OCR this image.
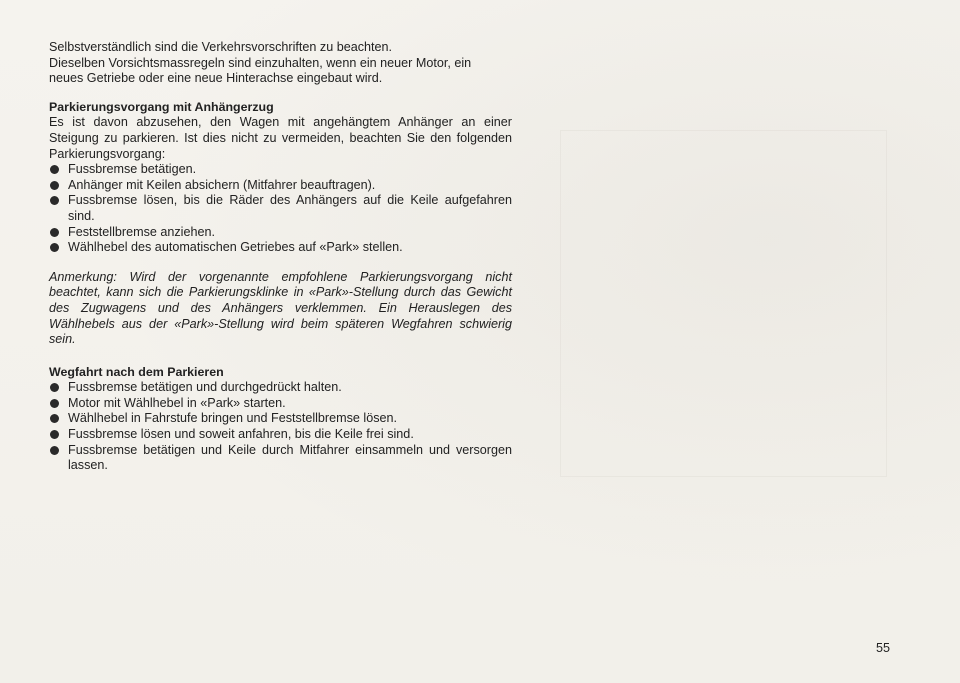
Selbstverständlich sind die Verkehrsvorschriften zu beachten.

Dieselben Vorsichtsmassregeln sind einzuhalten, wenn ein neuer Motor, ein

neues Getriebe oder eine neue Hinterachse eingebaut wird.

Parkierungsvorgang mit Anhängerzug

Es ist davon abzusehen, den Wagen mit angehängtem Anhänger an einer Steigung zu parkieren. Ist dies nicht zu vermeiden, beachten Sie den folgenden Parkierungsvorgang:

Fussbremse betätigen.
Anhänger mit Keilen absichern (Mitfahrer beauftragen).
Fussbremse lösen, bis die Räder des Anhängers auf die Keile aufgefahren sind.
Feststellbremse anziehen.
Wählhebel des automatischen Getriebes auf «Park» stellen.

Anmerkung: Wird der vorgenannte empfohlene Parkierungsvorgang nicht beachtet, kann sich die Parkierungsklinke in «Park»-Stellung durch das Gewicht des Zugwagens und des Anhängers verklemmen. Ein Herauslegen des Wählhebels aus der «Park»-Stellung wird beim späteren Wegfahren schwierig sein.

Wegfahrt nach dem Parkieren

Fussbremse betätigen und durchgedrückt halten.
Motor mit Wählhebel in «Park» starten.
Wählhebel in Fahrstufe bringen und Feststellbremse lösen.
Fussbremse lösen und soweit anfahren, bis die Keile frei sind.
Fussbremse betätigen und Keile durch Mitfahrer einsammeln und versorgen lassen.
55
